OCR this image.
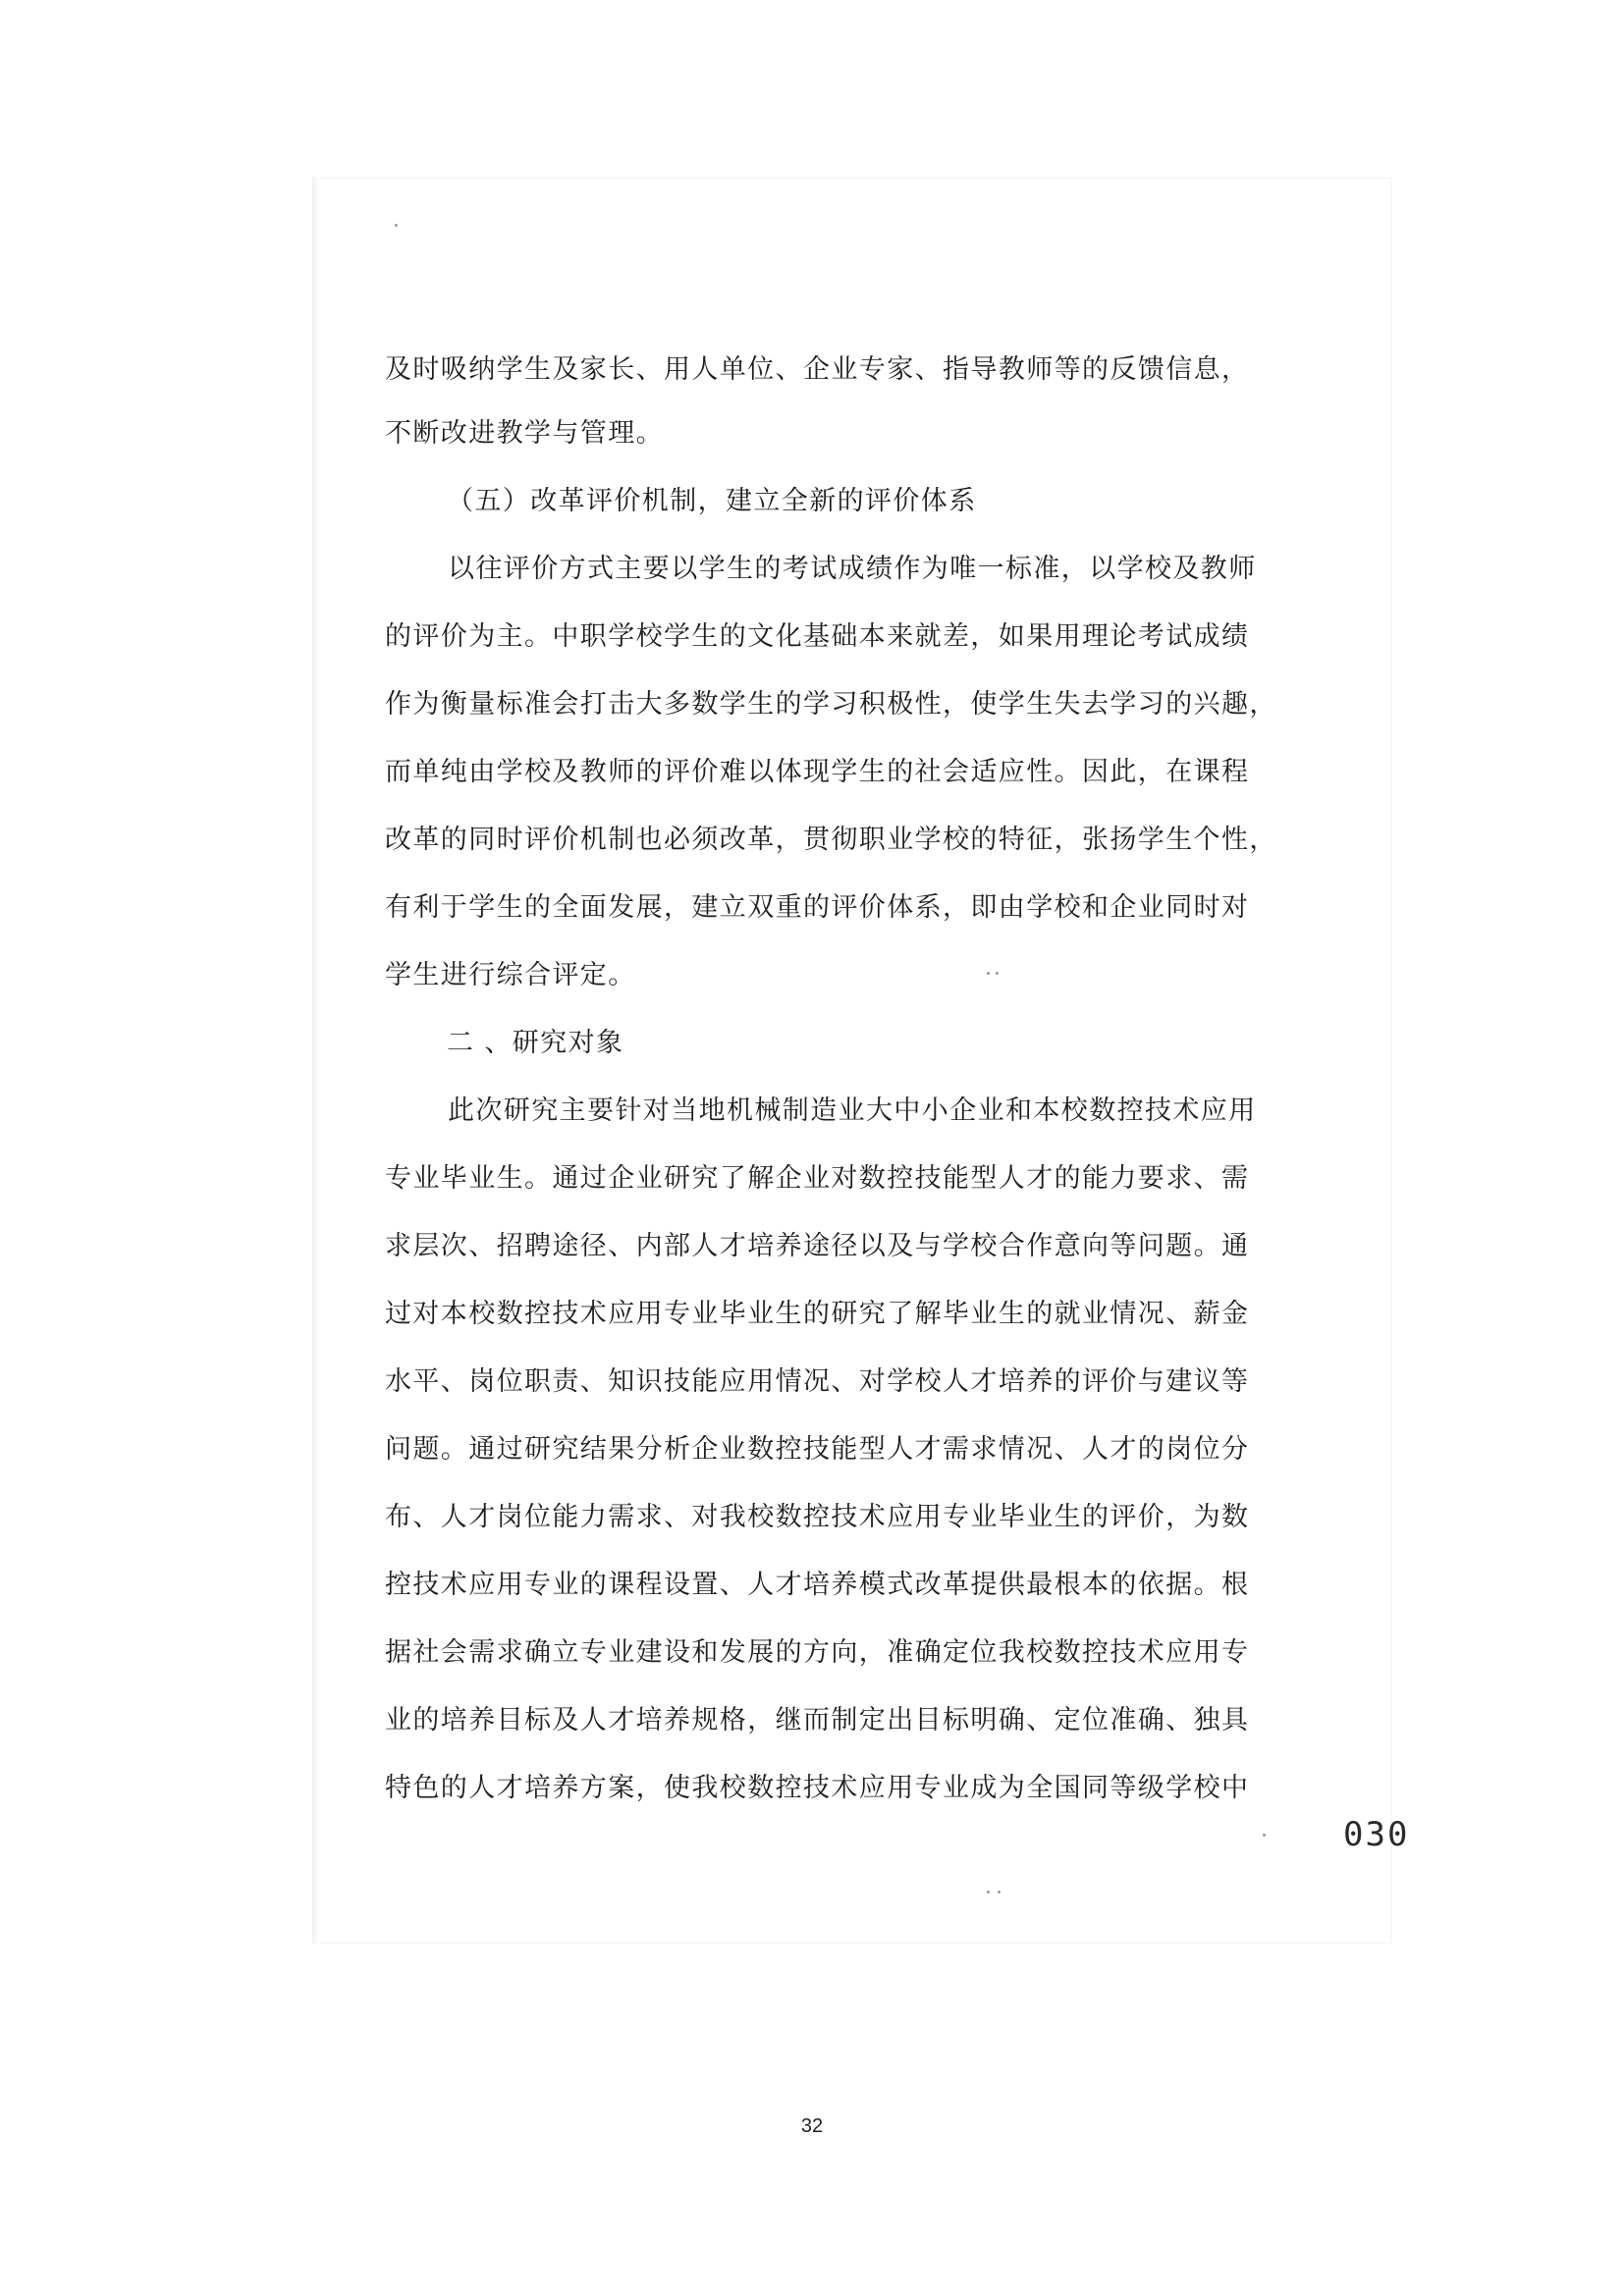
及时吸纳学生及家长、用人单位、企业专家、指导教师等的反馈信息，
不断改进教学与管理。
（五）改革评价机制，建立全新的评价体系
以往评价方式主要以学生的考试成绩作为唯一标准，以学校及教师
的评价为主。中职学校学生的文化基础本来就差，如果用理论考试成绩
作为衡量标准会打击大多数学生的学习积极性，使学生失去学习的兴趣，
而单纯由学校及教师的评价难以体现学生的社会适应性。因此，在课程
改革的同时评价机制也必须改革，贯彻职业学校的特征，张扬学生个性，
有利于学生的全面发展，建立双重的评价体系，即由学校和企业同时对
学生进行综合评定。
二 、研究对象
此次研究主要针对当地机械制造业大中小企业和本校数控技术应用
专业毕业生。通过企业研究了解企业对数控技能型人才的能力要求、需
求层次、招聘途径、内部人才培养途径以及与学校合作意向等问题。通
过对本校数控技术应用专业毕业生的研究了解毕业生的就业情况、薪金
水平、岗位职责、知识技能应用情况、对学校人才培养的评价与建议等
问题。通过研究结果分析企业数控技能型人才需求情况、人才的岗位分
布、人才岗位能力需求、对我校数控技术应用专业毕业生的评价，为数
控技术应用专业的课程设置、人才培养模式改革提供最根本的依据。根
据社会需求确立专业建设和发展的方向，准确定位我校数控技术应用专
业的培养目标及人才培养规格，继而制定出目标明确、定位准确、独具
特色的人才培养方案，使我校数控技术应用专业成为全国同等级学校中
030
32
